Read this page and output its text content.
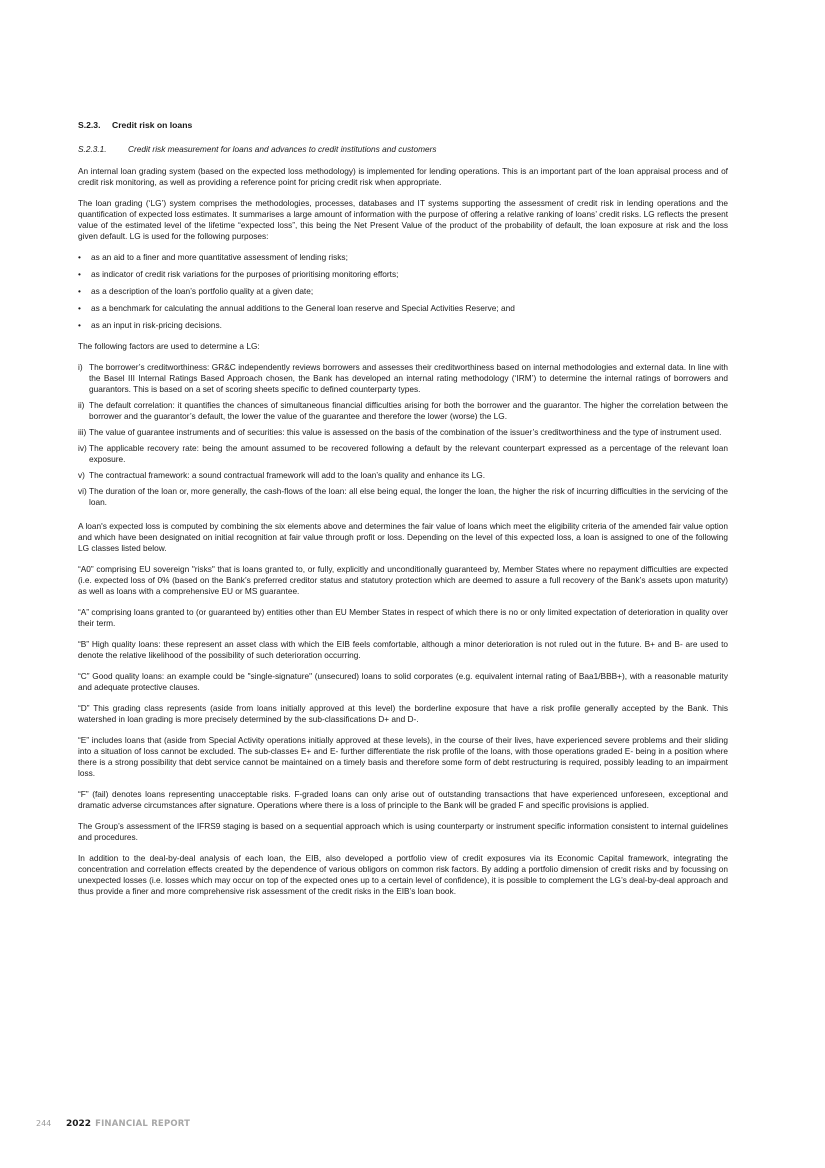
S.2.3. Credit risk on loans
S.2.3.1.	Credit risk measurement for loans and advances to credit institutions and customers

An internal loan grading system (based on the expected loss methodology) is implemented for lending operations. This is an important part of the loan appraisal process and of credit risk monitoring, as well as providing a reference point for pricing credit risk when appropriate.

The loan grading (‘LG’) system comprises the methodologies, processes, databases and IT systems supporting the assessment of credit risk in lending operations and the quantification of expected loss estimates. It summarises a large amount of information with the purpose of offering a relative ranking of loans’ credit risks. LG reflects the present value of the estimated level of the lifetime “expected loss”, this being the Net Present Value of the product of the probability of default, the loan exposure at risk and the loss given default. LG is used for the following purposes:

• as an aid to a finer and more quantitative assessment of lending risks;
• as indicator of credit risk variations for the purposes of prioritising monitoring efforts;
• as a description of the loan’s portfolio quality at a given date;
• as a benchmark for calculating the annual additions to the General loan reserve and Special Activities Reserve; and
• as an input in risk-pricing decisions.

The following factors are used to determine a LG:

i) The borrower’s creditworthiness: GR&C independently reviews borrowers and assesses their creditworthiness based on internal methodologies and external data. In line with the Basel III Internal Ratings Based Approach chosen, the Bank has developed an internal rating methodology (‘IRM’) to determine the internal ratings of borrowers and guarantors. This is based on a set of scoring sheets specific to defined counterparty types.
ii) The default correlation: it quantifies the chances of simultaneous financial difficulties arising for both the borrower and the guarantor. The higher the correlation between the borrower and the guarantor’s default, the lower the value of the guarantee and therefore the lower (worse) the LG.
iii) The value of guarantee instruments and of securities: this value is assessed on the basis of the combination of the issuer’s creditworthiness and the type of instrument used.
iv) The applicable recovery rate: being the amount assumed to be recovered following a default by the relevant counterpart expressed as a percentage of the relevant loan exposure.
v) The contractual framework: a sound contractual framework will add to the loan’s quality and enhance its LG.
vi) The duration of the loan or, more generally, the cash-flows of the loan: all else being equal, the longer the loan, the higher the risk of incurring difficulties in the servicing of the loan.

A loan's expected loss is computed by combining the six elements above and determines the fair value of loans which meet the eligibility criteria of the amended fair value option and which have been designated on initial recognition at fair value through profit or loss. Depending on the level of this expected loss, a loan is assigned to one of the following LG classes listed below.

“A0” comprising EU sovereign "risks" that is loans granted to, or fully, explicitly and unconditionally guaranteed by, Member States where no repayment difficulties are expected (i.e. expected loss of 0% (based on the Bank’s preferred creditor status and statutory protection which are deemed to assure a full recovery of the Bank’s assets upon maturity) as well as loans with a comprehensive EU or MS guarantee.

“A” comprising loans granted to (or guaranteed by) entities other than EU Member States in respect of which there is no or only limited expectation of deterioration in quality over their term.

“B” High quality loans: these represent an asset class with which the EIB feels comfortable, although a minor deterioration is not ruled out in the future. B+ and B- are used to denote the relative likelihood of the possibility of such deterioration occurring.

“C” Good quality loans: an example could be "single-signature" (unsecured) loans to solid corporates (e.g. equivalent internal rating of Baa1/BBB+), with a reasonable maturity and adequate protective clauses.

“D” This grading class represents (aside from loans initially approved at this level) the borderline exposure that have a risk profile generally accepted by the Bank. This watershed in loan grading is more precisely determined by the sub-classifications D+ and D-.

“E” includes loans that (aside from Special Activity operations initially approved at these levels), in the course of their lives, have experienced severe problems and their sliding into a situation of loss cannot be excluded. The sub-classes E+ and E- further differentiate the risk profile of the loans, with those operations graded E- being in a position where there is a strong possibility that debt service cannot be maintained on a timely basis and therefore some form of debt restructuring is required, possibly leading to an impairment loss.

“F” (fail) denotes loans representing unacceptable risks. F-graded loans can only arise out of outstanding transactions that have experienced unforeseen, exceptional and dramatic adverse circumstances after signature. Operations where there is a loss of principle to the Bank will be graded F and specific provisions is applied.

The Group’s assessment of the IFRS9 staging is based on a sequential approach which is using counterparty or instrument specific information consistent to internal guidelines and procedures.

In addition to the deal-by-deal analysis of each loan, the EIB, also developed a portfolio view of credit exposures via its Economic Capital framework, integrating the concentration and correlation effects created by the dependence of various obligors on common risk factors. By adding a portfolio dimension of credit risks and by focussing on unexpected losses (i.e. losses which may occur on top of the expected ones up to a certain level of confidence), it is possible to complement the LG’s deal-by-deal approach and thus provide a finer and more comprehensive risk assessment of the credit risks in the EIB’s loan book.

244	2022 FINANCIAL REPORT
